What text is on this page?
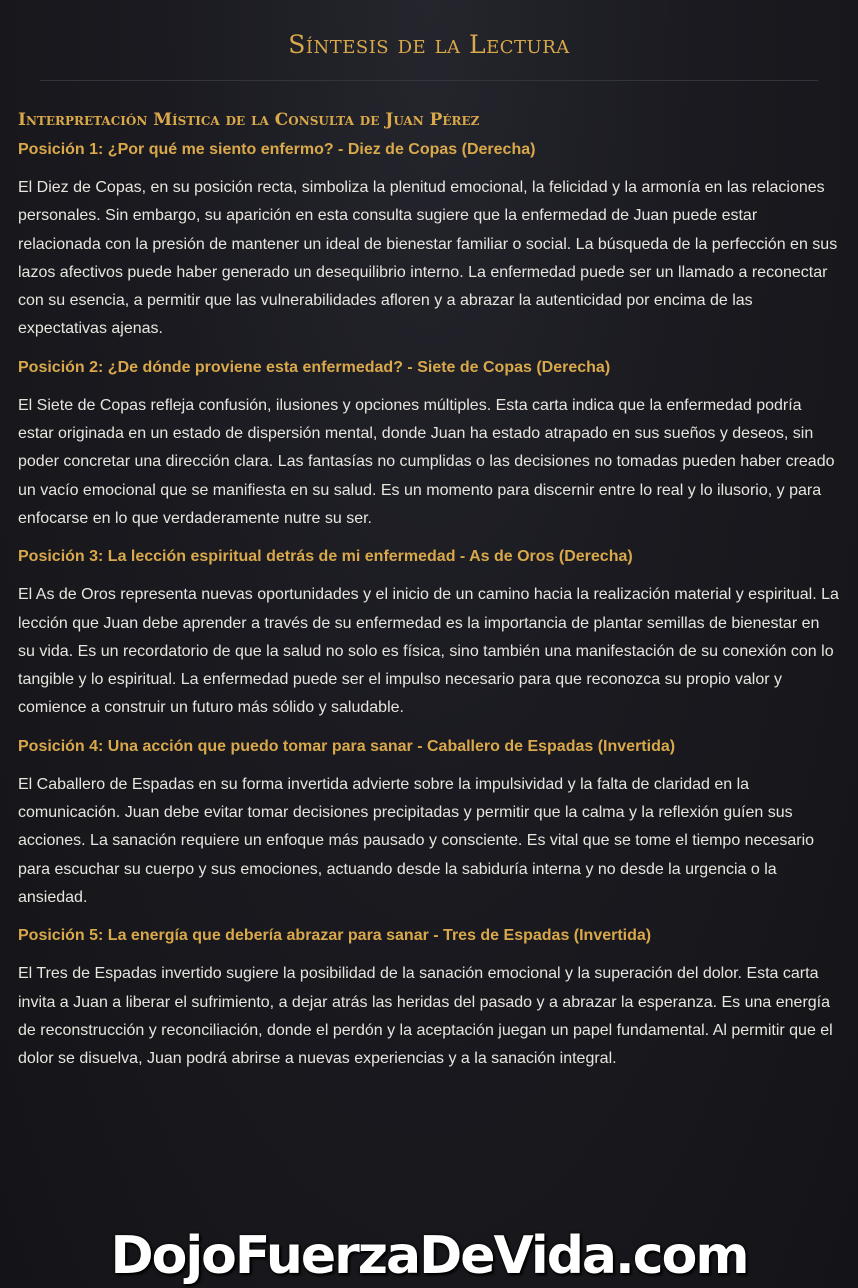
Síntesis de la Lectura
Interpretación Mística de la Consulta de Juan Pérez
Posición 1: ¿Por qué me siento enfermo? - Diez de Copas (Derecha)

El Diez de Copas, en su posición recta, simboliza la plenitud emocional, la felicidad y la armonía en las relaciones personales. Sin embargo, su aparición en esta consulta sugiere que la enfermedad de Juan puede estar relacionada con la presión de mantener un ideal de bienestar familiar o social. La búsqueda de la perfección en sus lazos afectivos puede haber generado un desequilibrio interno. La enfermedad puede ser un llamado a reconectar con su esencia, a permitir que las vulnerabilidades afloren y a abrazar la autenticidad por encima de las expectativas ajenas.

Posición 2: ¿De dónde proviene esta enfermedad? - Siete de Copas (Derecha)

El Siete de Copas refleja confusión, ilusiones y opciones múltiples. Esta carta indica que la enfermedad podría estar originada en un estado de dispersión mental, donde Juan ha estado atrapado en sus sueños y deseos, sin poder concretar una dirección clara. Las fantasías no cumplidas o las decisiones no tomadas pueden haber creado un vacío emocional que se manifiesta en su salud. Es un momento para discernir entre lo real y lo ilusorio, y para enfocarse en lo que verdaderamente nutre su ser.

Posición 3: La lección espiritual detrás de mi enfermedad - As de Oros (Derecha)

El As de Oros representa nuevas oportunidades y el inicio de un camino hacia la realización material y espiritual. La lección que Juan debe aprender a través de su enfermedad es la importancia de plantar semillas de bienestar en su vida. Es un recordatorio de que la salud no solo es física, sino también una manifestación de su conexión con lo tangible y lo espiritual. La enfermedad puede ser el impulso necesario para que reconozca su propio valor y comience a construir un futuro más sólido y saludable.

Posición 4: Una acción que puedo tomar para sanar - Caballero de Espadas (Invertida)

El Caballero de Espadas en su forma invertida advierte sobre la impulsividad y la falta de claridad en la comunicación. Juan debe evitar tomar decisiones precipitadas y permitir que la calma y la reflexión guíen sus acciones. La sanación requiere un enfoque más pausado y consciente. Es vital que se tome el tiempo necesario para escuchar su cuerpo y sus emociones, actuando desde la sabiduría interna y no desde la urgencia o la ansiedad.

Posición 5: La energía que debería abrazar para sanar - Tres de Espadas (Invertida)

El Tres de Espadas invertido sugiere la posibilidad de la sanación emocional y la superación del dolor. Esta carta invita a Juan a liberar el sufrimiento, a dejar atrás las heridas del pasado y a abrazar la esperanza. Es una energía de reconstrucción y reconciliación, donde el perdón y la aceptación juegan un papel fundamental. Al permitir que el dolor se disuelva, Juan podrá abrirse a nuevas experiencias y a la sanación integral.

DojoFuerzaDeVida.com
